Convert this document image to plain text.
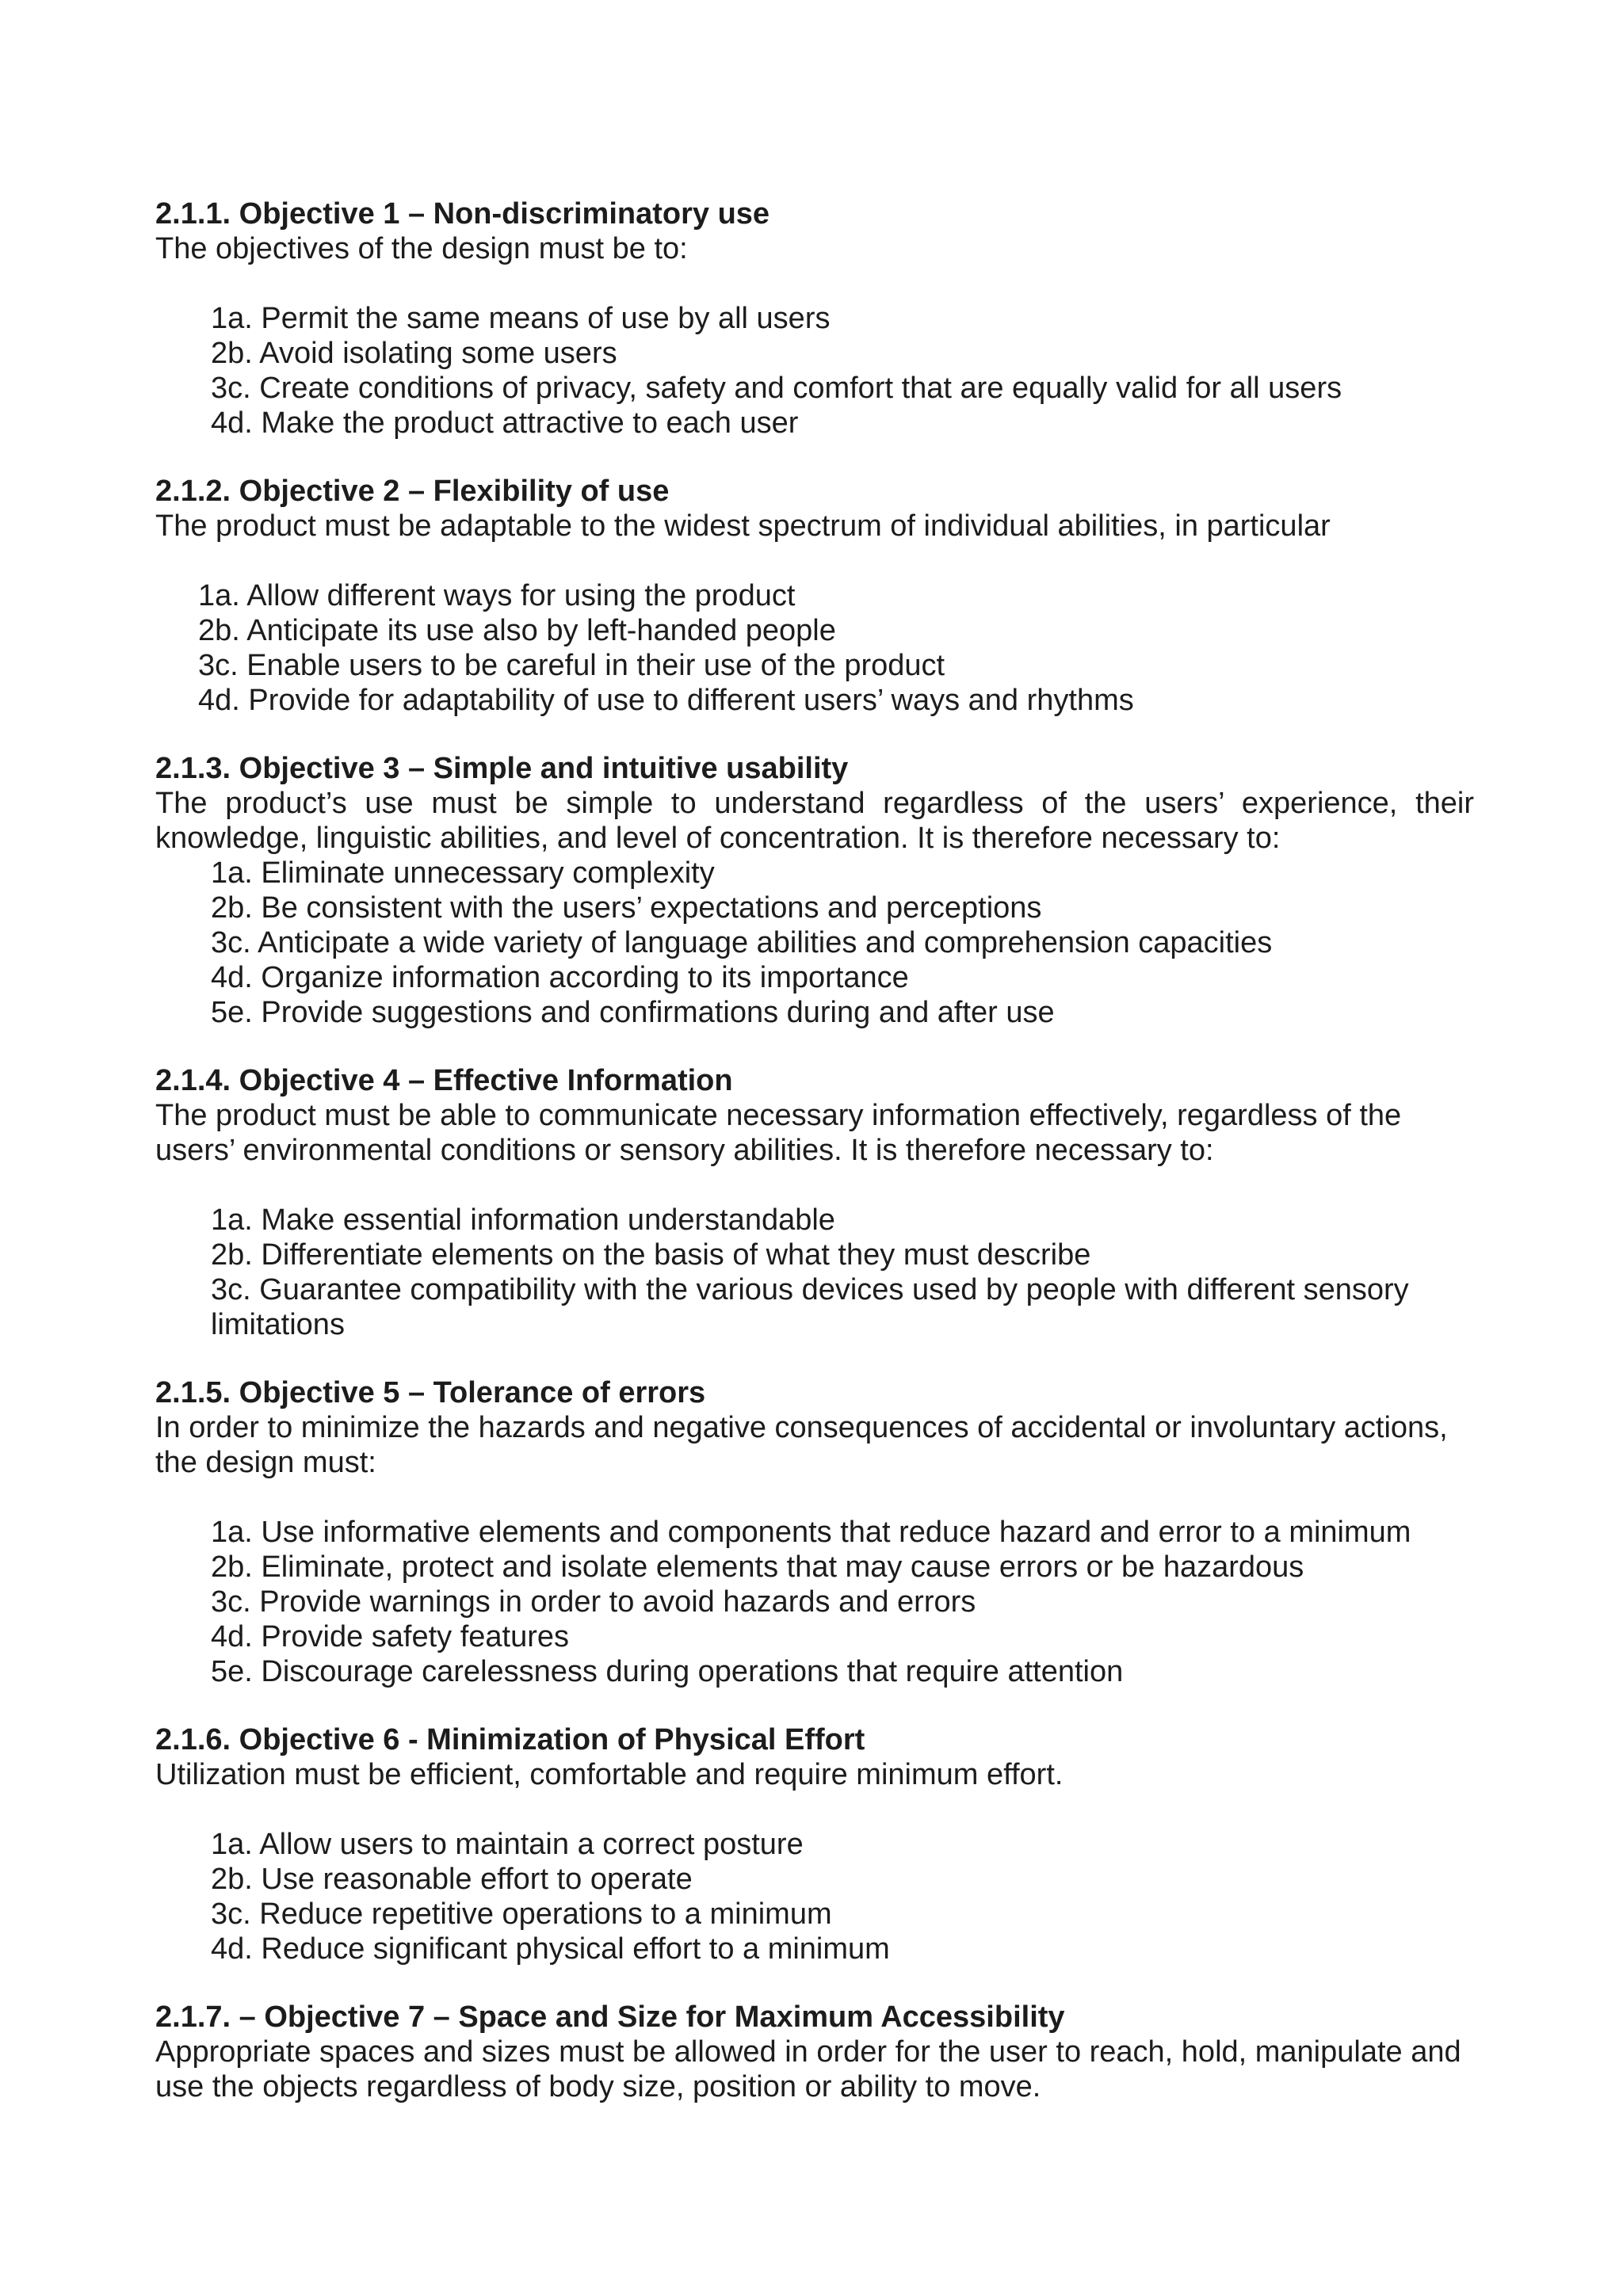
2.1.1. Objective 1 – Non-discriminatory use

The objectives of the design must be to:

1a. Permit the same means of use by all users
2b. Avoid isolating some users
3c. Create conditions of privacy, safety and comfort that are equally valid for all users
4d. Make the product attractive to each user

2.1.2. Objective 2 – Flexibility of use

The product must be adaptable to the widest spectrum of individual abilities, in particular

1a. Allow different ways for using the product
2b. Anticipate its use also by left-handed people
3c. Enable users to be careful in their use of the product
4d. Provide for adaptability of use to different users’ ways and rhythms

2.1.3. Objective 3 – Simple and intuitive usability

The product’s use must be simple to understand regardless of the users’ experience, their knowledge, linguistic abilities, and level of concentration. It is therefore necessary to:

1a. Eliminate unnecessary complexity
2b. Be consistent with the users’ expectations and perceptions
3c. Anticipate a wide variety of language abilities and comprehension capacities
4d. Organize information according to its importance
5e. Provide suggestions and confirmations during and after use

2.1.4. Objective 4 – Effective Information

The product must be able to communicate necessary information effectively, regardless of the users’ environmental conditions or sensory abilities. It is therefore necessary to:

1a. Make essential information understandable
2b. Differentiate elements on the basis of what they must describe
3c. Guarantee compatibility with the various devices used by people with different sensory limitations

2.1.5. Objective 5 – Tolerance of errors

In order to minimize the hazards and negative consequences of accidental or involuntary actions, the design must:

1a. Use informative elements and components that reduce hazard and error to a minimum
2b. Eliminate, protect and isolate elements that may cause errors or be hazardous
3c. Provide warnings in order to avoid hazards and errors
4d. Provide safety features
5e. Discourage carelessness during operations that require attention

2.1.6. Objective 6 - Minimization of Physical Effort

Utilization must be efficient, comfortable and require minimum effort.

1a. Allow users to maintain a correct posture
2b. Use reasonable effort to operate
3c. Reduce repetitive operations to a minimum
4d. Reduce significant physical effort to a minimum

2.1.7. – Objective 7 – Space and Size for Maximum Accessibility

Appropriate spaces and sizes must be allowed in order for the user to reach, hold, manipulate and use the objects regardless of body size, position or ability to move.
